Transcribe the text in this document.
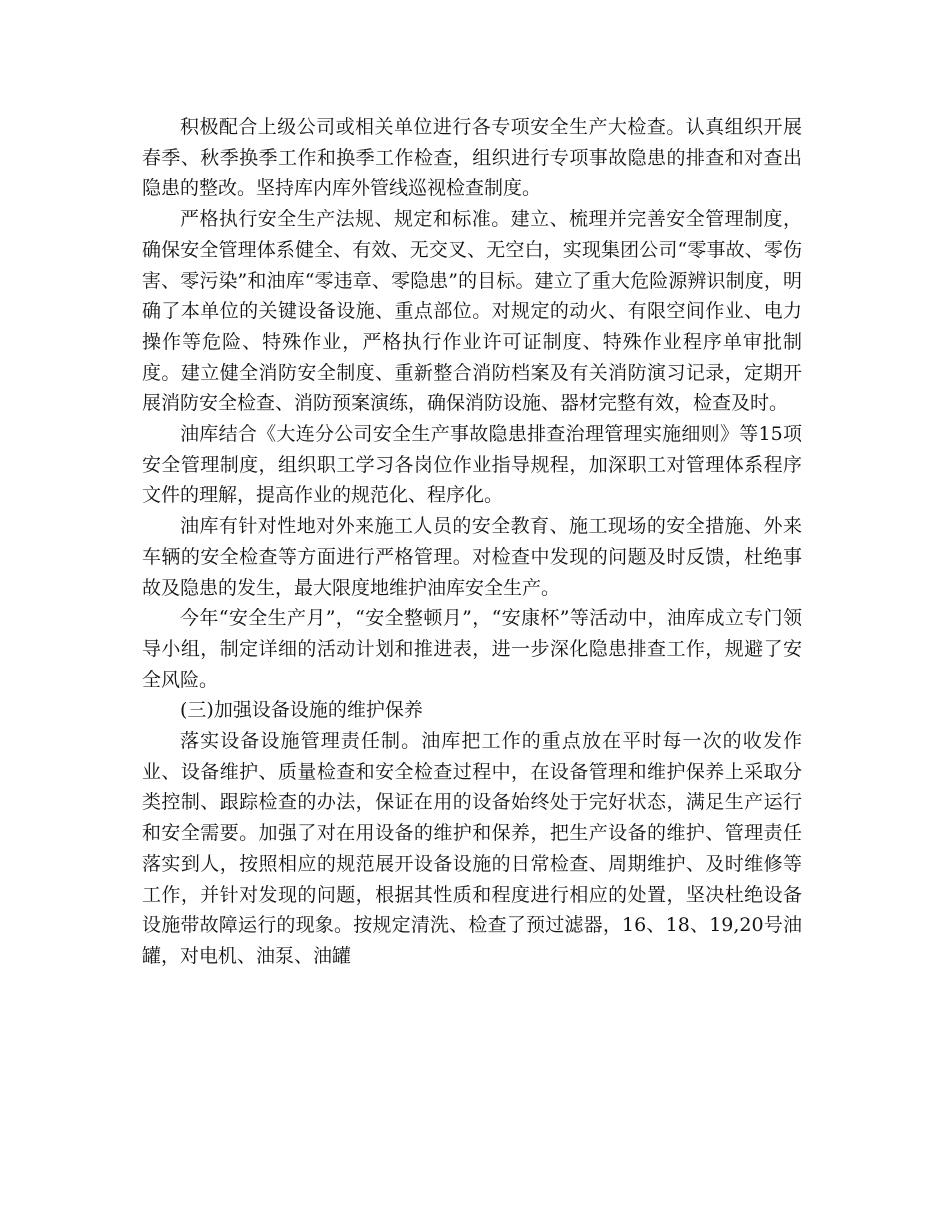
积极配合上级公司或相关单位进行各专项安全生产大检查。认真组织开展春季、秋季换季工作和换季工作检查，组织进行专项事故隐患的排查和对查出隐患的整改。坚持库内库外管线巡视检查制度。

严格执行安全生产法规、规定和标准。建立、梳理并完善安全管理制度，确保安全管理体系健全、有效、无交叉、无空白，实现集团公司“零事故、零伤害、零污染”和油库“零违章、零隐患”的目标。建立了重大危险源辨识制度，明确了本单位的关键设备设施、重点部位。对规定的动火、有限空间作业、电力操作等危险、特殊作业，严格执行作业许可证制度、特殊作业程序单审批制度。建立健全消防安全制度、重新整合消防档案及有关消防演习记录，定期开展消防安全检查、消防预案演练，确保消防设施、器材完整有效，检查及时。

油库结合《大连分公司安全生产事故隐患排查治理管理实施细则》等15项安全管理制度，组织职工学习各岗位作业指导规程，加深职工对管理体系程序文件的理解，提高作业的规范化、程序化。

油库有针对性地对外来施工人员的安全教育、施工现场的安全措施、外来车辆的安全检查等方面进行严格管理。对检查中发现的问题及时反馈，杜绝事故及隐患的发生，最大限度地维护油库安全生产。

今年“安全生产月”，“安全整顿月”，“安康杯”等活动中，油库成立专门领导小组，制定详细的活动计划和推进表，进一步深化隐患排查工作，规避了安全风险。

(三)加强设备设施的维护保养

落实设备设施管理责任制。油库把工作的重点放在平时每一次的收发作业、设备维护、质量检查和安全检查过程中，在设备管理和维护保养上采取分类控制、跟踪检查的办法，保证在用的设备始终处于完好状态，满足生产运行和安全需要。加强了对在用设备的维护和保养，把生产设备的维护、管理责任落实到人，按照相应的规范展开设备设施的日常检查、周期维护、及时维修等工作，并针对发现的问题，根据其性质和程度进行相应的处置，坚决杜绝设备设施带故障运行的现象。按规定清洗、检查了预过滤器，16、18、19,20号油罐，对电机、油泵、油罐
